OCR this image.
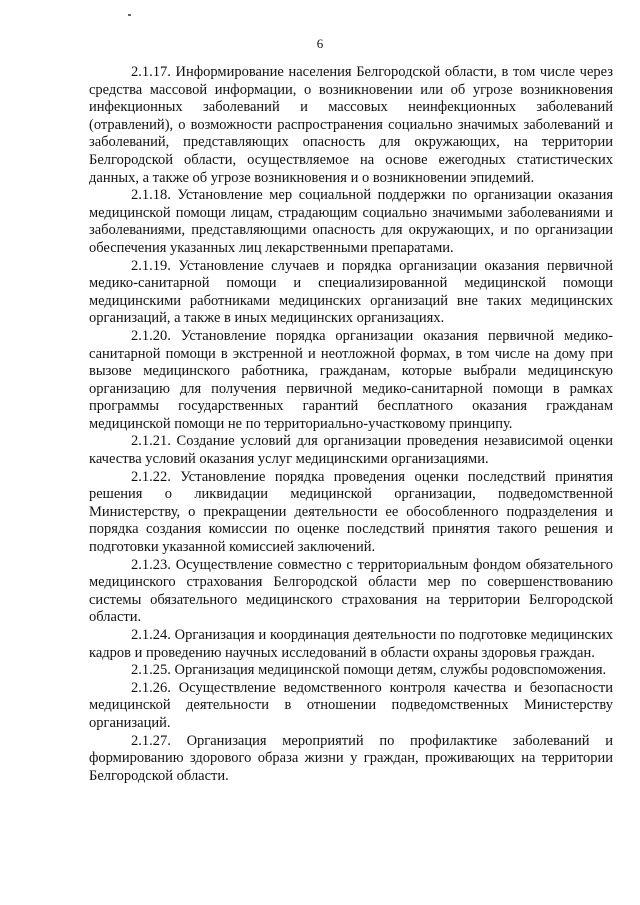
6

2.1.17. Информирование населения Белгородской области, в том числе через средства массовой информации, о возникновении или об угрозе возникновения инфекционных заболеваний и массовых неинфекционных заболеваний (отравлений), о возможности распространения социально значимых заболеваний и заболеваний, представляющих опасность для окружающих, на территории Белгородской области, осуществляемое на основе ежегодных статистических данных, а также об угрозе возникновения и о возникновении эпидемий.

2.1.18. Установление мер социальной поддержки по организации оказания медицинской помощи лицам, страдающим социально значимыми заболеваниями и заболеваниями, представляющими опасность для окружающих, и по организации обеспечения указанных лиц лекарственными препаратами.

2.1.19. Установление случаев и порядка организации оказания первичной медико-санитарной помощи и специализированной медицинской помощи медицинскими работниками медицинских организаций вне таких медицинских организаций, а также в иных медицинских организациях.

2.1.20. Установление порядка организации оказания первичной медико-санитарной помощи в экстренной и неотложной формах, в том числе на дому при вызове медицинского работника, гражданам, которые выбрали медицинскую организацию для получения первичной медико-санитарной помощи в рамках программы государственных гарантий бесплатного оказания гражданам медицинской помощи не по территориально-участковому принципу.

2.1.21. Создание условий для организации проведения независимой оценки качества условий оказания услуг медицинскими организациями.

2.1.22. Установление порядка проведения оценки последствий принятия решения о ликвидации медицинской организации, подведомственной Министерству, о прекращении деятельности ее обособленного подразделения и порядка создания комиссии по оценке последствий принятия такого решения и подготовки указанной комиссией заключений.

2.1.23. Осуществление совместно с территориальным фондом обязательного медицинского страхования Белгородской области мер по совершенствованию системы обязательного медицинского страхования на территории Белгородской области.

2.1.24. Организация и координация деятельности по подготовке медицинских кадров и проведению научных исследований в области охраны здоровья граждан.

2.1.25. Организация медицинской помощи детям, службы родовспоможения.

2.1.26. Осуществление ведомственного контроля качества и безопасности медицинской деятельности в отношении подведомственных Министерству организаций.

2.1.27. Организация мероприятий по профилактике заболеваний и формированию здорового образа жизни у граждан, проживающих на территории Белгородской области.
